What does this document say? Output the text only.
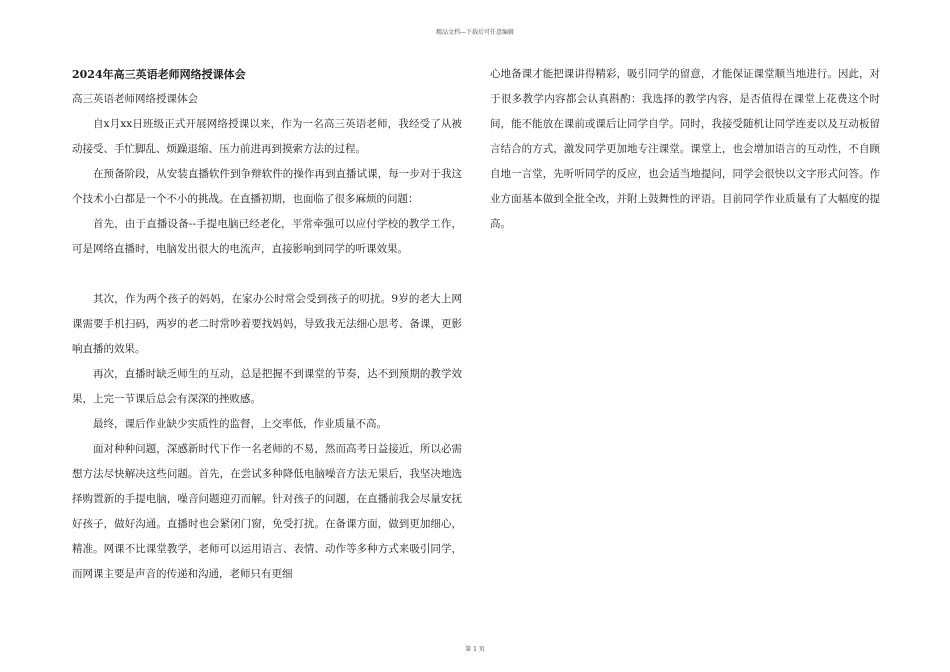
精品文档---下载后可任意编辑

2024年高三英语老师网络授课体会

高三英语老师网络授课体会

自x月xx日班级正式开展网络授课以来，作为一名高三英语老师，我经受了从被动接受、手忙脚乱、烦躁退缩、压力前进再到摸索方法的过程。

在预备阶段，从安装直播软件到争辩软件的操作再到直播试课，每一步对于我这个技术小白都是一个不小的挑战。在直播初期，也面临了很多麻烦的问题：

首先，由于直播设备--手提电脑已经老化，平常牵强可以应付学校的教学工作，可是网络直播时，电脑发出很大的电流声，直接影响到同学的听课效果。

其次，作为两个孩子的妈妈，在家办公时常会受到孩子的叨扰。9岁的老大上网课需要手机扫码，两岁的老二时常吵着要找妈妈，导致我无法细心思考、备课，更影响直播的效果。

再次，直播时缺乏师生的互动，总是把握不到课堂的节奏，达不到预期的教学效果，上完一节课后总会有深深的挫败感。

最终，课后作业缺少实质性的监督，上交率低，作业质量不高。

面对种种问题，深感新时代下作一名老师的不易，然而高考日益接近，所以必需想方法尽快解决这些问题。首先，在尝试多种降低电脑噪音方法无果后，我坚决地选择购置新的手提电脑，噪音问题迎刃而解。针对孩子的问题，在直播前我会尽量安抚好孩子，做好沟通。直播时也会紧闭门窗，免受打扰。在备课方面，做到更加细心，精准。网课不比课堂教学，老师可以运用语言、表情、动作等多种方式来吸引同学，而网课主要是声音的传递和沟通，老师只有更细

心地备课才能把课讲得精彩，吸引同学的留意，才能保证课堂顺当地进行。因此，对于很多教学内容都会认真斟酌：我选择的教学内容，是否值得在课堂上花费这个时间，能不能放在课前或课后让同学自学。同时，我接受随机让同学连麦以及互动板留言结合的方式，激发同学更加地专注课堂。课堂上，也会增加语言的互动性，不自顾自地一言堂，先听听同学的反应，也会适当地提问，同学会很快以文字形式问答。作业方面基本做到全批全改，并附上鼓舞性的评语。目前同学作业质量有了大幅度的提高。

第 1 页
